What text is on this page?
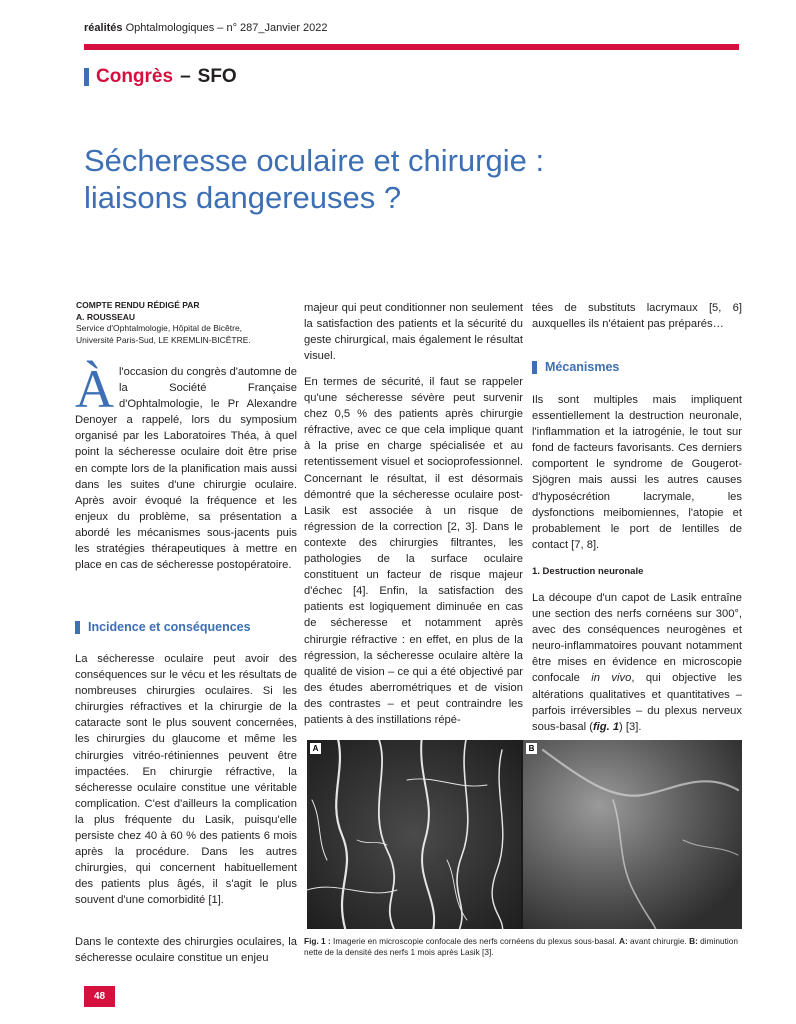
réalités Ophtalmologiques – n° 287_Janvier 2022
Congrès – SFO
Sécheresse oculaire et chirurgie :
liaisons dangereuses ?
COMPTE RENDU RÉDIGÉ PAR
A. ROUSSEAU
Service d'Ophtalmologie, Hôpital de Bicêtre,
Université Paris-Sud, LE KREMLIN-BICÊTRE.
À l'occasion du congrès d'automne de la Société Française d'Ophtalmologie, le Pr Alexandre Denoyer a rappelé, lors du symposium organisé par les Laboratoires Théa, à quel point la sécheresse oculaire doit être prise en compte lors de la planification mais aussi dans les suites d'une chirurgie oculaire. Après avoir évoqué la fréquence et les enjeux du problème, sa présentation a abordé les mécanismes sous-jacents puis les stratégies thérapeutiques à mettre en place en cas de sécheresse postopératoire.

Incidence et conséquences

La sécheresse oculaire peut avoir des conséquences sur le vécu et les résultats de nombreuses chirurgies oculaires. Si les chirurgies réfractives et la chirurgie de la cataracte sont le plus souvent concernées, les chirurgies du glaucome et même les chirurgies vitréo-rétiniennes peuvent être impactées. En chirurgie réfractive, la sécheresse oculaire constitue une véritable complication. C'est d'ailleurs la complication la plus fréquente du Lasik, puisqu'elle persiste chez 40 à 60 % des patients 6 mois après la procédure. Dans les autres chirurgies, qui concernent habituellement des patients plus âgés, il s'agit le plus souvent d'une comorbidité [1].

Dans le contexte des chirurgies oculaires, la sécheresse oculaire constitue un enjeu

majeur qui peut conditionner non seulement la satisfaction des patients et la sécurité du geste chirurgical, mais également le résultat visuel.

En termes de sécurité, il faut se rappeler qu'une sécheresse sévère peut survenir chez 0,5 % des patients après chirurgie réfractive, avec ce que cela implique quant à la prise en charge spécialisée et au retentissement visuel et socioprofessionnel. Concernant le résultat, il est désormais démontré que la sécheresse oculaire post-Lasik est associée à un risque de régression de la correction [2, 3]. Dans le contexte des chirurgies filtrantes, les pathologies de la surface oculaire constituent un facteur de risque majeur d'échec [4]. Enfin, la satisfaction des patients est logiquement diminuée en cas de sécheresse et notamment après chirurgie réfractive : en effet, en plus de la régression, la sécheresse oculaire altère la qualité de vision – ce qui a été objectivé par des études aberrométriques et de vision des contrastes – et peut contraindre les patients à des instillations répé-

tées de substituts lacrymaux [5, 6] auxquelles ils n'étaient pas préparés…

Mécanismes

Ils sont multiples mais impliquent essentiellement la destruction neuronale, l'inflammation et la iatrogénie, le tout sur fond de facteurs favorisants. Ces derniers comportent le syndrome de Gougerot-Sjögren mais aussi les autres causes d'hyposécrétion lacrymale, les dysfonctions meibomiennes, l'atopie et probablement le port de lentilles de contact [7, 8].

1. Destruction neuronale

La découpe d'un capot de Lasik entraîne une section des nerfs cornéens sur 300°, avec des conséquences neurogènes et neuro-inflammatoires pouvant notamment être mises en évidence en microscopie confocale in vivo, qui objective les altérations qualitatives et quantitatives – parfois irréversibles – du plexus nerveux sous-basal (fig. 1) [3].

A	B
Fig. 1 : Imagerie en microscopie confocale des nerfs cornéens du plexus sous-basal. A: avant chirurgie. B: diminution nette de la densité des nerfs 1 mois après Lasik [3].
48
